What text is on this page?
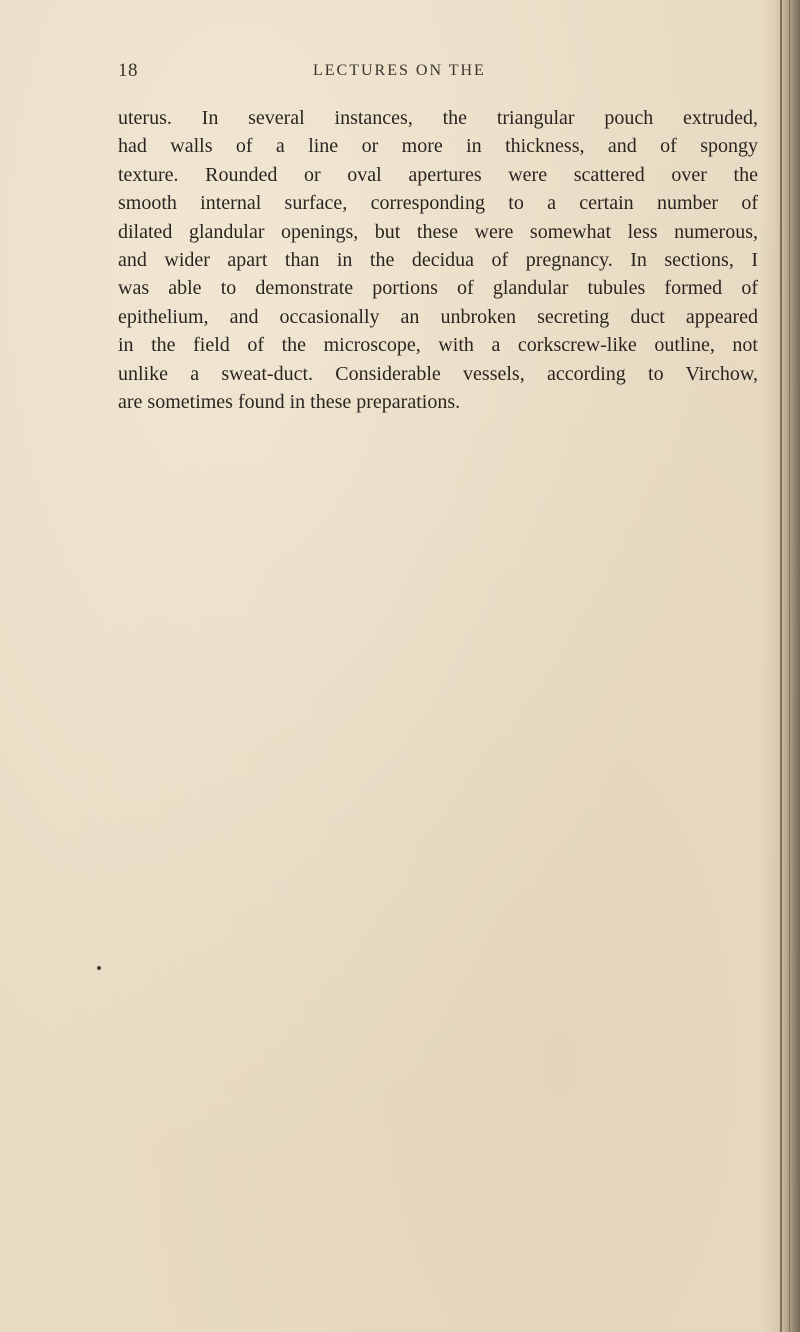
18	LECTURES ON THE
uterus. In several instances, the triangular pouch extruded,
had walls of a line or more in thickness, and of spongy
texture. Rounded or oval apertures were scattered over the
smooth internal surface, corresponding to a certain number of
dilated glandular openings, but these were somewhat less numerous,
and wider apart than in the decidua of pregnancy. In sections, I
was able to demonstrate portions of glandular tubules formed of
epithelium, and occasionally an unbroken secreting duct appeared
in the field of the microscope, with a corkscrew-like outline, not
unlike a sweat-duct. Considerable vessels, according to Virchow,
are sometimes found in these preparations.
